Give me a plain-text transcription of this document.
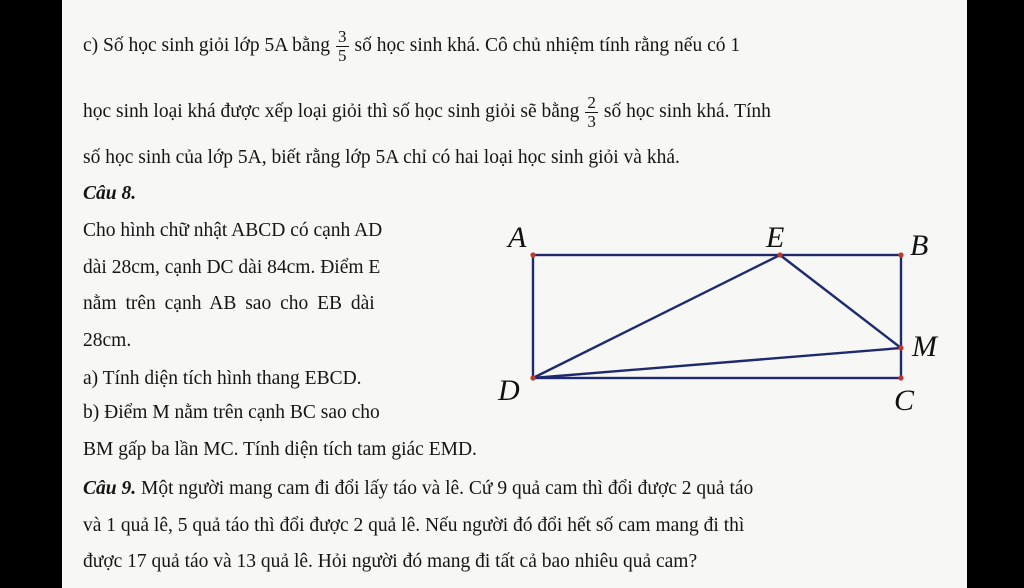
c) Số học sinh giỏi lớp 5A bằng $\frac{3}{5}$ số học sinh khá. Cô chủ nhiệm tính rằng nếu có 1
học sinh loại khá được xếp loại giỏi thì số học sinh giỏi sẽ bằng $\frac{2}{3}$ số học sinh khá. Tính
số học sinh của lớp 5A, biết rằng lớp 5A chỉ có hai loại học sinh giỏi và khá.
Câu 8.
Cho hình chữ nhật ABCD có cạnh AD
dài 28cm, cạnh DC dài 84cm. Điểm E
nằm trên cạnh AB sao cho EB dài
28cm.
a) Tính diện tích hình thang EBCD.
b) Điểm M nằm trên cạnh BC sao cho
BM gấp ba lần MC. Tính diện tích tam giác EMD.
A	E	B
M
D	C
Câu 9. Một người mang cam đi đổi lấy táo và lê. Cứ 9 quả cam thì đổi được 2 quả táo
và 1 quả lê, 5 quả táo thì đổi được 2 quả lê. Nếu người đó đổi hết số cam mang đi thì
được 17 quả táo và 13 quả lê. Hỏi người đó mang đi tất cả bao nhiêu quả cam?
